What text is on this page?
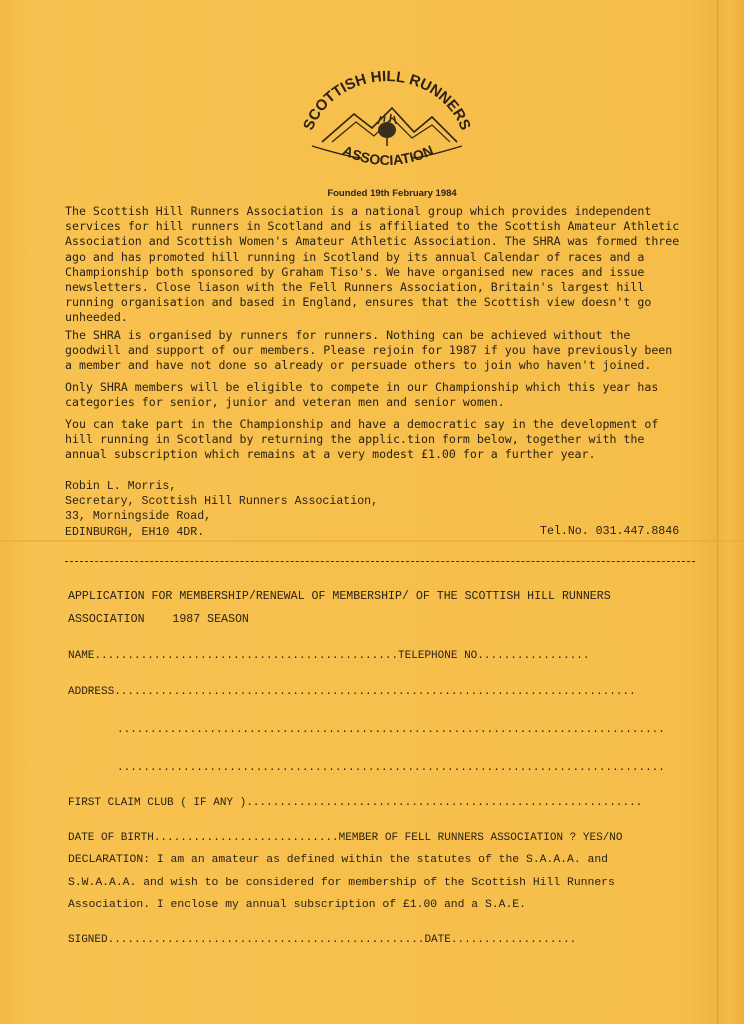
SCOTTISH HILL RUNNERS
ASSOCIATION
Founded 19th February 1984
The Scottish Hill Runners Association is a national group which provides independent
services for hill runners in Scotland and is affiliated to the Scottish Amateur Athletic
Association and Scottish Women's Amateur Athletic Association. The SHRA was formed three
ago and has promoted hill running in Scotland by its annual Calendar of races and a
Championship both sponsored by Graham Tiso's. We have organised new races and issue
newsletters. Close liason with the Fell Runners Association, Britain's largest hill
running organisation and based in England, ensures that the Scottish view doesn't go
unheeded.
The SHRA is organised by runners for runners. Nothing can be achieved without the
goodwill and support of our members. Please rejoin for 1987 if you have previously been
a member and have not done so already or persuade others to join who haven't joined.
Only SHRA members will be eligible to compete in our Championship which this year has
categories for senior, junior and veteran men and senior women.
You can take part in the Championship and have a democratic say in the development of
hill running in Scotland by returning the applic.tion form below, together with the
annual subscription which remains at a very modest £1.00 for a further year.
Robin L. Morris,
Secretary, Scottish Hill Runners Association,
33, Morningside Road,
EDINBURGH, EH10 4DR.	Tel.No. 031.447.8846
APPLICATION FOR MEMBERSHIP/RENEWAL OF MEMBERSHIP/ OF THE SCOTTISH HILL RUNNERS
ASSOCIATION    1987 SEASON
NAME..............................................TELEPHONE NO.................
ADDRESS...............................................................................
...................................................................................
...................................................................................
FIRST CLAIM CLUB ( IF ANY )............................................................
DATE OF BIRTH............................MEMBER OF FELL RUNNERS ASSOCIATION ? YES/NO
DECLARATION: I am an amateur as defined within the statutes of the S.A.A.A. and
S.W.A.A.A. and wish to be considered for membership of the Scottish Hill Runners
Association. I enclose my annual subscription of £1.00 and a S.A.E.
SIGNED................................................DATE...................
